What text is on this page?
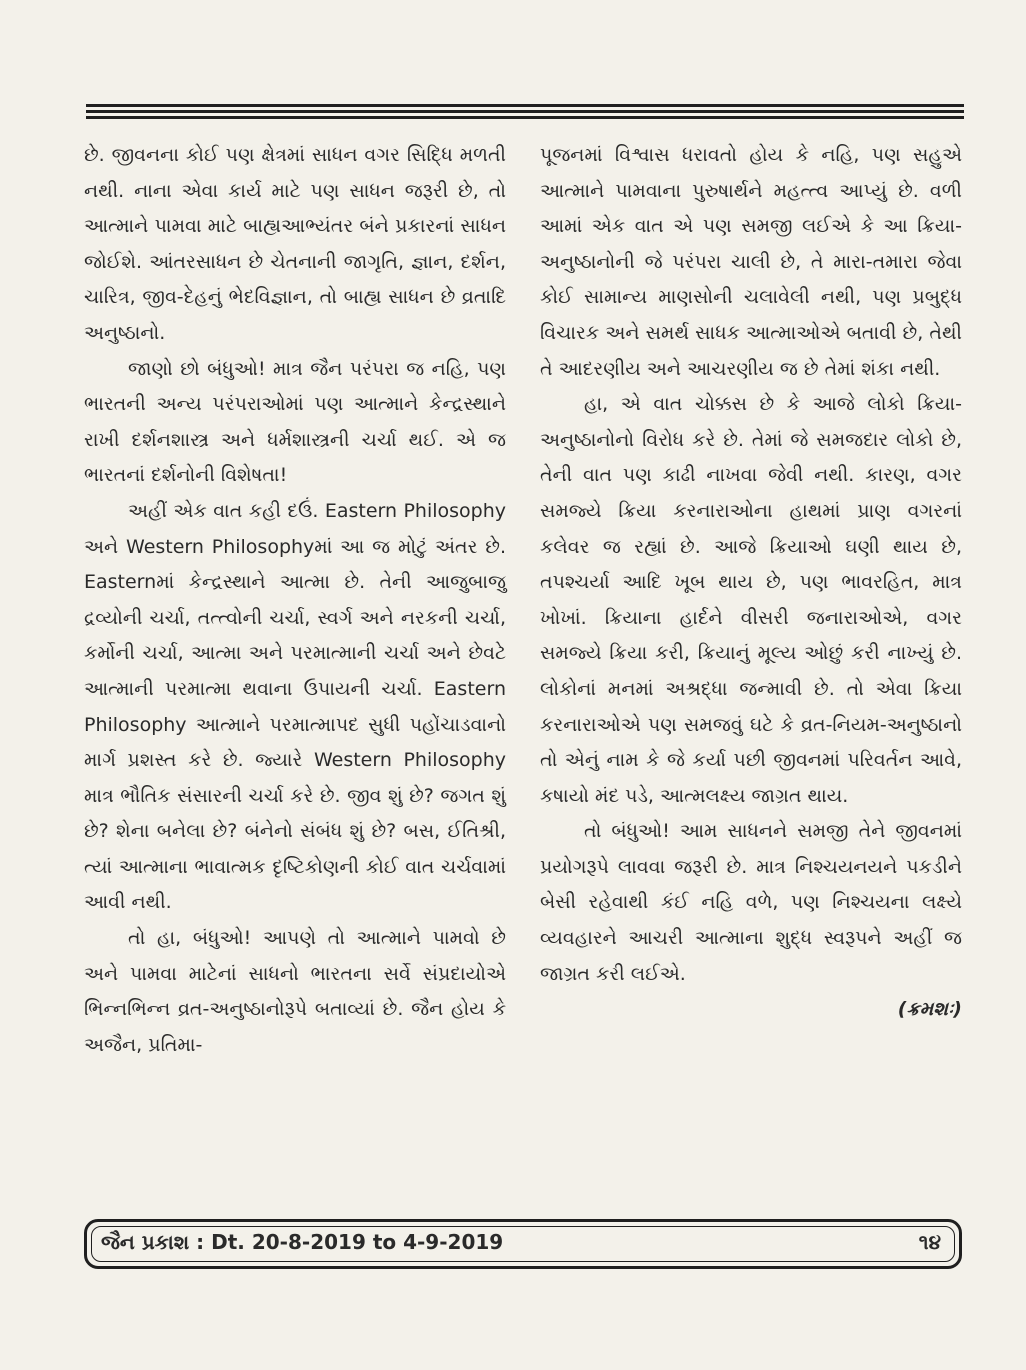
છે. જીવનના કોઈ પણ ક્ષેત્રમાં સાધન વગર સિદ્ધિ મળતી નથી. નાના એવા કાર્ય માટે પણ સાધન જરૂરી છે, તો આત્માને પામવા માટે બાહ્યઆભ્યંતર બંને પ્રકારનાં સાધન જોઈશે. આંતરસાધન છે ચેતનાની જાગૃતિ, જ્ઞાન, દર્શન, ચારિત્ર, જીવ-દેહનું ભેદવિજ્ઞાન, તો બાહ્ય સાધન છે વ્રતાદિ અનુષ્ઠાનો.

જાણો છો બંધુઓ! માત્ર જૈન પરંપરા જ નહિ, પણ ભારતની અન્ય પરંપરાઓમાં પણ આત્માને કેન્દ્રસ્થાને રાખી દર્શનશાસ્ત્ર અને ધર્મશાસ્ત્રની ચર્ચા થઈ. એ જ ભારતનાં દર્શનોની વિશેષતા!

અહીં એક વાત કહી દઉં. Eastern Philosophy અને Western Philosophyમાં આ જ મોટું અંતર છે. Easternમાં કેન્દ્રસ્થાને આત્મા છે. તેની આજુબાજુ દ્રવ્યોની ચર્ચા, તત્ત્વોની ચર્ચા, સ્વર્ગ અને નરકની ચર્ચા, કર્મોની ચર્ચા, આત્મા અને પરમાત્માની ચર્ચા અને છેવટે આત્માની પરમાત્મા થવાના ઉપાયની ચર્ચા. Eastern Philosophy આત્માને પરમાત્માપદ સુધી પહોંચાડવાનો માર્ગ પ્રશસ્ત કરે છે. જ્યારે Western Philosophy માત્ર ભૌતિક સંસારની ચર્ચા કરે છે. જીવ શું છે? જગત શું છે? શેના બનેલા છે? બંનેનો સંબંધ શું છે? બસ, ઈતિશ્રી, ત્યાં આત્માના ભાવાત્મક દૃષ્ટિકોણની કોઈ વાત ચર્ચવામાં આવી નથી.

તો હા, બંધુઓ! આપણે તો આત્માને પામવો છે અને પામવા માટેનાં સાધનો ભારતના સર્વે સંપ્રદાયોએ ભિન્નભિન્ન વ્રત-અનુષ્ઠાનોરૂપે બતાવ્યાં છે. જૈન હોય કે અજૈન, પ્રતિમા-

પૂજનમાં વિશ્વાસ ધરાવતો હોય કે નહિ, પણ સહુએ આત્માને પામવાના પુરુષાર્થને મહત્ત્વ આપ્યું છે. વળી આમાં એક વાત એ પણ સમજી લઈએ કે આ ક્રિયા-અનુષ્ઠાનોની જે પરંપરા ચાલી છે, તે મારા-તમારા જેવા કોઈ સામાન્ય માણસોની ચલાવેલી નથી, પણ પ્રબુદ્ધ વિચારક અને સમર્થ સાધક આત્માઓએ બતાવી છે, તેથી તે આદરણીય અને આચરણીય જ છે તેમાં શંકા નથી.

હા, એ વાત ચોક્કસ છે કે આજે લોકો ક્રિયા-અનુષ્ઠાનોનો વિરોધ કરે છે. તેમાં જે સમજદાર લોકો છે, તેની વાત પણ કાઢી નાખવા જેવી નથી. કારણ, વગર સમજ્યે ક્રિયા કરનારાઓના હાથમાં પ્રાણ વગરનાં કલેવર જ રહ્યાં છે. આજે ક્રિયાઓ ઘણી થાય છે, તપશ્ચર્યા આદિ ખૂબ થાય છે, પણ ભાવરહિત, માત્ર ખોખાં. ક્રિયાના હાર્દને વીસરી જનારાઓએ, વગર સમજ્યે ક્રિયા કરી, ક્રિયાનું મૂલ્ય ઓછું કરી નાખ્યું છે. લોકોનાં મનમાં અશ્રદ્ધા જન્માવી છે. તો એવા ક્રિયા કરનારાઓએ પણ સમજવું ઘટે કે વ્રત-નિયમ-અનુષ્ઠાનો તો એનું નામ કે જે કર્યા પછી જીવનમાં પરિવર્તન આવે, કષાયો મંદ પડે, આત્મલક્ષ્ય જાગ્રત થાય.

તો બંધુઓ! આમ સાધનને સમજી તેને જીવનમાં પ્રયોગરૂપે લાવવા જરૂરી છે. માત્ર નિશ્ચયનયને પકડીને બેસી રહેવાથી કંઈ નહિ વળે, પણ નિશ્ચયના લક્ષ્યે વ્યવહારને આચરી આત્માના શુદ્ધ સ્વરૂપને અહીં જ જાગ્રત કરી લઈએ.

(ક્રમશઃ)

જૈન પ્રકાશ : Dt. 20-8-2019 to 4-9-2019	૧૪
